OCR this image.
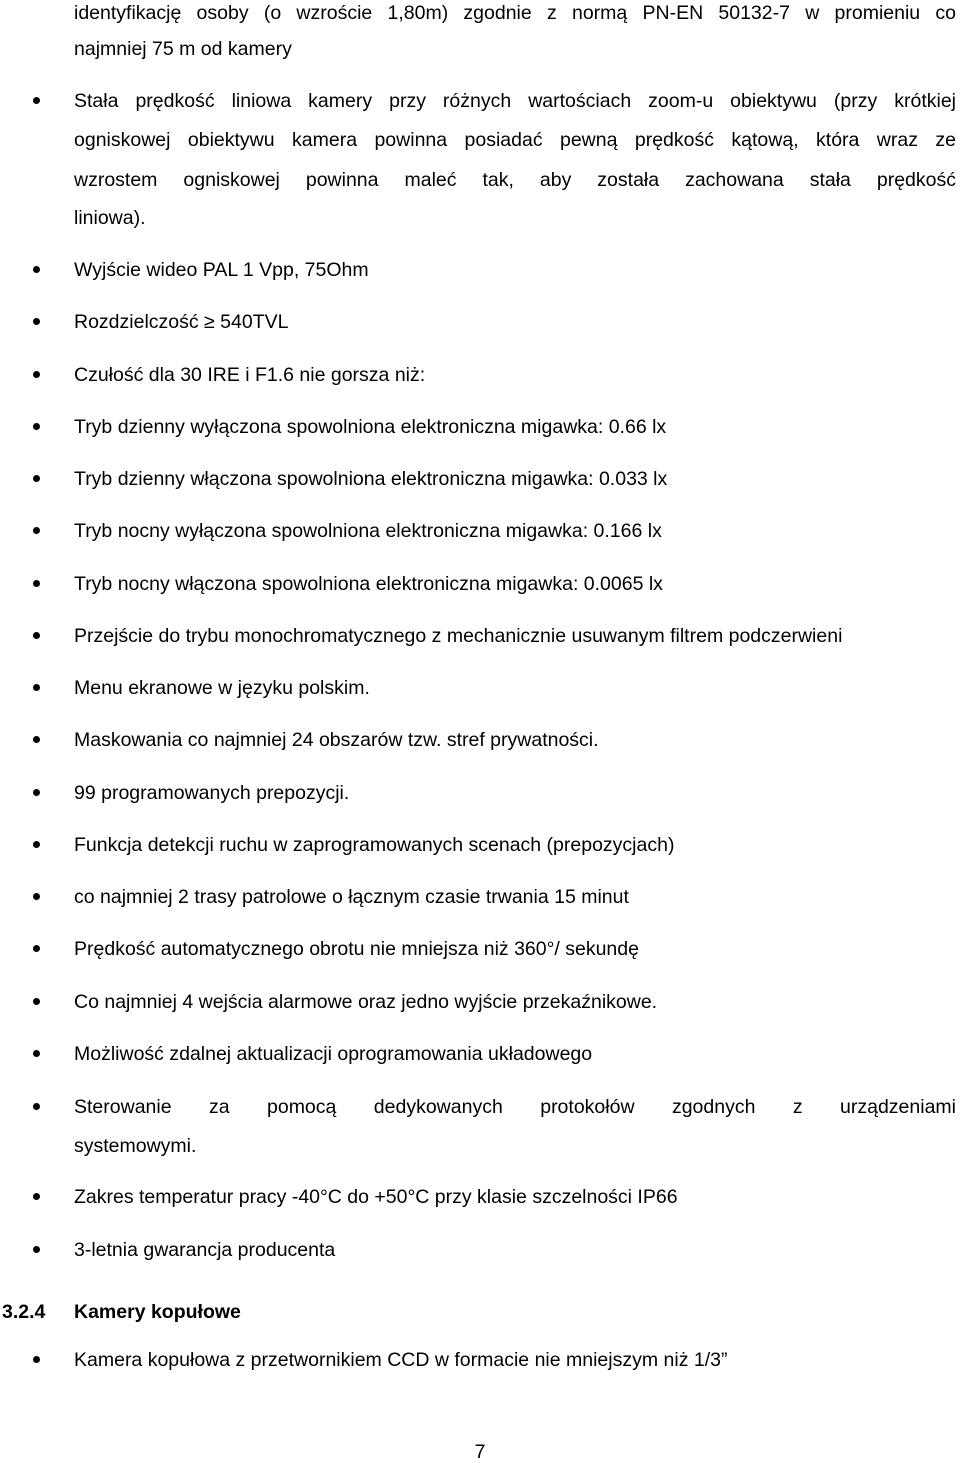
identyfikację osoby (o wzroście 1,80m) zgodnie z normą PN-EN 50132-7 w promieniu co
najmniej 75 m od kamery
Stała prędkość liniowa kamery przy różnych wartościach zoom-u obiektywu (przy krótkiej
ogniskowej obiektywu kamera powinna posiadać pewną prędkość kątową, która wraz ze
wzrostem ogniskowej powinna maleć tak, aby została zachowana stała prędkość
liniowa).
Wyjście wideo PAL 1 Vpp, 75Ohm
Rozdzielczość ≥ 540TVL
Czułość dla 30 IRE i F1.6 nie gorsza niż:
Tryb dzienny wyłączona spowolniona elektroniczna migawka: 0.66 lx
Tryb dzienny włączona spowolniona elektroniczna migawka: 0.033 lx
Tryb nocny wyłączona spowolniona elektroniczna migawka: 0.166 lx
Tryb nocny włączona spowolniona elektroniczna migawka: 0.0065 lx
Przejście do trybu monochromatycznego z mechanicznie usuwanym filtrem podczerwieni
Menu ekranowe w języku polskim.
Maskowania co najmniej 24 obszarów tzw. stref prywatności.
99 programowanych prepozycji.
Funkcja detekcji ruchu w zaprogramowanych scenach (prepozycjach)
co najmniej 2 trasy patrolowe o łącznym czasie trwania 15 minut
Prędkość automatycznego obrotu nie mniejsza niż 360°/ sekundę
Co najmniej 4 wejścia alarmowe oraz jedno wyjście przekaźnikowe.
Możliwość zdalnej aktualizacji oprogramowania układowego
Sterowanie za pomocą dedykowanych protokołów zgodnych z urządzeniami
systemowymi.
Zakres temperatur pracy -40°C do +50°C przy klasie szczelności IP66
3-letnia gwarancja producenta
3.2.4 Kamery kopułowe
Kamera kopułowa z przetwornikiem CCD w formacie nie mniejszym niż 1/3”
7
